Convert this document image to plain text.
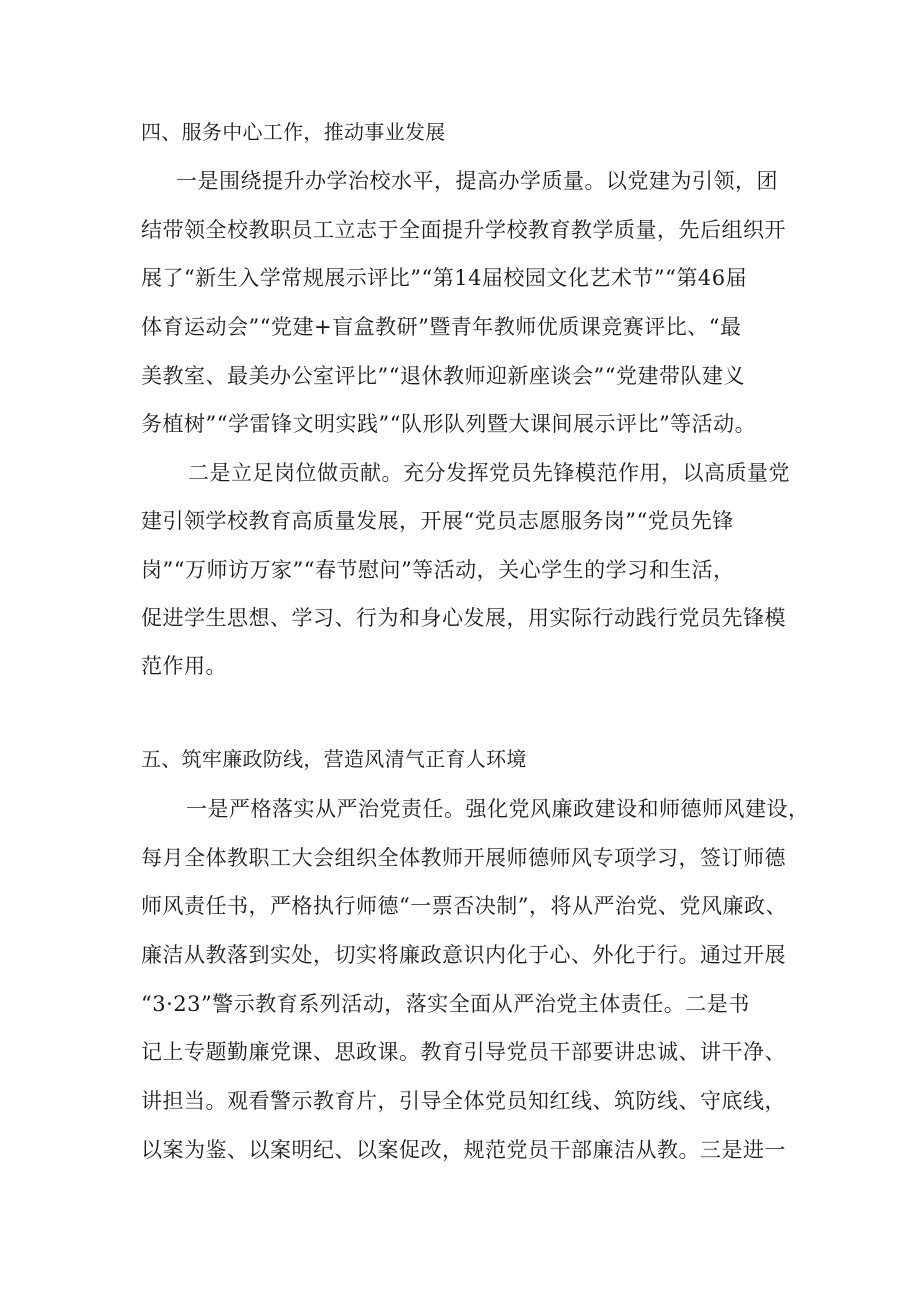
四、服务中心工作，推动事业发展
一是围绕提升办学治校水平，提高办学质量。以党建为引领，团
结带领全校教职员工立志于全面提升学校教育教学质量，先后组织开
展了“新生入学常规展示评比”“第14届校园文化艺术节”“第46届
体育运动会”“党建+盲盒教研”暨青年教师优质课竞赛评比、“最
美教室、最美办公室评比”“退休教师迎新座谈会”“党建带队建义
务植树”“学雷锋文明实践”“队形队列暨大课间展示评比”等活动。
二是立足岗位做贡献。充分发挥党员先锋模范作用，以高质量党
建引领学校教育高质量发展，开展“党员志愿服务岗”“党员先锋
岗”“万师访万家”“春节慰问”等活动，关心学生的学习和生活，
促进学生思想、学习、行为和身心发展，用实际行动践行党员先锋模
范作用。
五、筑牢廉政防线，营造风清气正育人环境
一是严格落实从严治党责任。强化党风廉政建设和师德师风建设，
每月全体教职工大会组织全体教师开展师德师风专项学习，签订师德
师风责任书，严格执行师德“一票否决制”，将从严治党、党风廉政、
廉洁从教落到实处，切实将廉政意识内化于心、外化于行。通过开展
“3·23”警示教育系列活动，落实全面从严治党主体责任。二是书
记上专题勤廉党课、思政课。教育引导党员干部要讲忠诚、讲干净、
讲担当。观看警示教育片，引导全体党员知红线、筑防线、守底线，
以案为鉴、以案明纪、以案促改，规范党员干部廉洁从教。三是进一
